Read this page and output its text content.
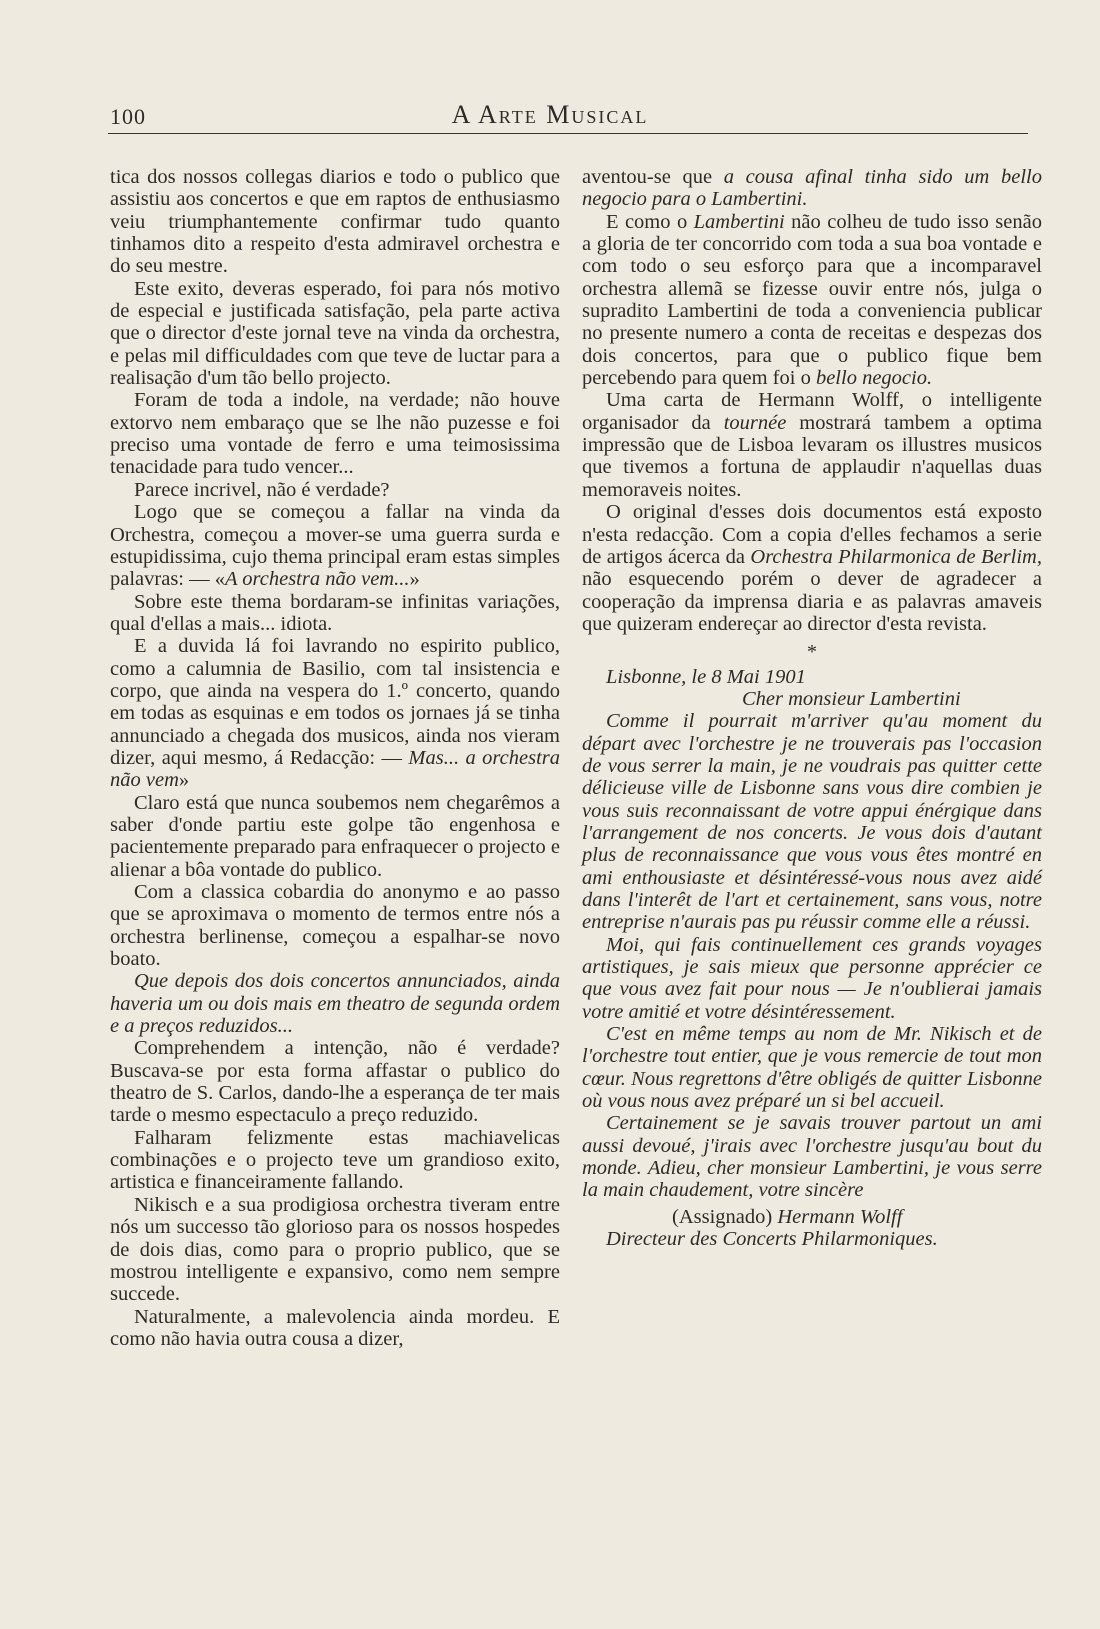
100	A Arte Musical

tica dos nossos collegas diarios e todo o publico que assistiu aos concertos e que em raptos de enthusiasmo veiu triumphantemente confirmar tudo quanto tinhamos dito a respeito d'esta admiravel orchestra e do seu mestre.

Este exito, deveras esperado, foi para nós motivo de especial e justificada satisfação, pela parte activa que o director d'este jornal teve na vinda da orchestra, e pelas mil difficuldades com que teve de luctar para a realisação d'um tão bello projecto.

Foram de toda a indole, na verdade; não houve extorvo nem embaraço que se lhe não puzesse e foi preciso uma vontade de ferro e uma teimosissima tenacidade para tudo vencer...

Parece incrivel, não é verdade?

Logo que se começou a fallar na vinda da Orchestra, começou a mover-se uma guerra surda e estupidissima, cujo thema principal eram estas simples palavras: — «A orchestra não vem...»

Sobre este thema bordaram-se infinitas variações, qual d'ellas a mais... idiota.

E a duvida lá foi lavrando no espirito publico, como a calumnia de Basilio, com tal insistencia e corpo, que ainda na vespera do 1.º concerto, quando em todas as esquinas e em todos os jornaes já se tinha annunciado a chegada dos musicos, ainda nos vieram dizer, aqui mesmo, á Redacção: — Mas... a orchestra não vem»

Claro está que nunca soubemos nem chegarêmos a saber d'onde partiu este golpe tão engenhosa e pacientemente preparado para enfraquecer o projecto e alienar a bôa vontade do publico.

Com a classica cobardia do anonymo e ao passo que se aproximava o momento de termos entre nós a orchestra berlinense, começou a espalhar-se novo boato.

Que depois dos dois concertos annunciados, ainda haveria um ou dois mais em theatro de segunda ordem e a preços reduzidos...

Comprehendem a intenção, não é verdade? Buscava-se por esta forma affastar o publico do theatro de S. Carlos, dando-lhe a esperança de ter mais tarde o mesmo espectaculo a preço reduzido.

Falharam felizmente estas machiavelicas combinações e o projecto teve um grandioso exito, artistica e financeiramente fallando.

Nikisch e a sua prodigiosa orchestra tiveram entre nós um successo tão glorioso para os nossos hospedes de dois dias, como para o proprio publico, que se mostrou intelligente e expansivo, como nem sempre succede.

Naturalmente, a malevolencia ainda mordeu. E como não havia outra cousa a dizer,

aventou-se que a cousa afinal tinha sido um bello negocio para o Lambertini.

E como o Lambertini não colheu de tudo isso senão a gloria de ter concorrido com toda a sua boa vontade e com todo o seu esforço para que a incomparavel orchestra allemã se fizesse ouvir entre nós, julga o supradito Lambertini de toda a conveniencia publicar no presente numero a conta de receitas e despezas dos dois concertos, para que o publico fique bem percebendo para quem foi o bello negocio.

Uma carta de Hermann Wolff, o intelligente organisador da tournée mostrará tambem a optima impressão que de Lisboa levaram os illustres musicos que tivemos a fortuna de applaudir n'aquellas duas memoraveis noites.

O original d'esses dois documentos está exposto n'esta redacção. Com a copia d'elles fechamos a serie de artigos ácerca da Orchestra Philarmonica de Berlim, não esquecendo porém o dever de agradecer a cooperação da imprensa diaria e as palavras amaveis que quizeram endereçar ao director d'esta revista.

*

Lisbonne, le 8 Mai 1901

Cher monsieur Lambertini

Comme il pourrait m'arriver qu'au moment du départ avec l'orchestre je ne trouverais pas l'occasion de vous serrer la main, je ne voudrais pas quitter cette délicieuse ville de Lisbonne sans vous dire combien je vous suis reconnaissant de votre appui énérgique dans l'arrangement de nos concerts. Je vous dois d'autant plus de reconnaissance que vous vous êtes montré en ami enthousiaste et désintéressé-vous nous avez aidé dans l'interêt de l'art et certainement, sans vous, notre entreprise n'aurais pas pu réussir comme elle a réussi.

Moi, qui fais continuellement ces grands voyages artistiques, je sais mieux que personne apprécier ce que vous avez fait pour nous — Je n'oublierai jamais votre amitié et votre désintéressement.

C'est en même temps au nom de Mr. Nikisch et de l'orchestre tout entier, que je vous remercie de tout mon cœur. Nous regrettons d'être obligés de quitter Lisbonne où vous nous avez préparé un si bel accueil.

Certainement se je savais trouver partout un ami aussi devoué, j'irais avec l'orchestre jusqu'au bout du monde. Adieu, cher monsieur Lambertini, je vous serre la main chaudement, votre sincère

(Assignado) Hermann Wolff

Directeur des Concerts Philarmoniques.
